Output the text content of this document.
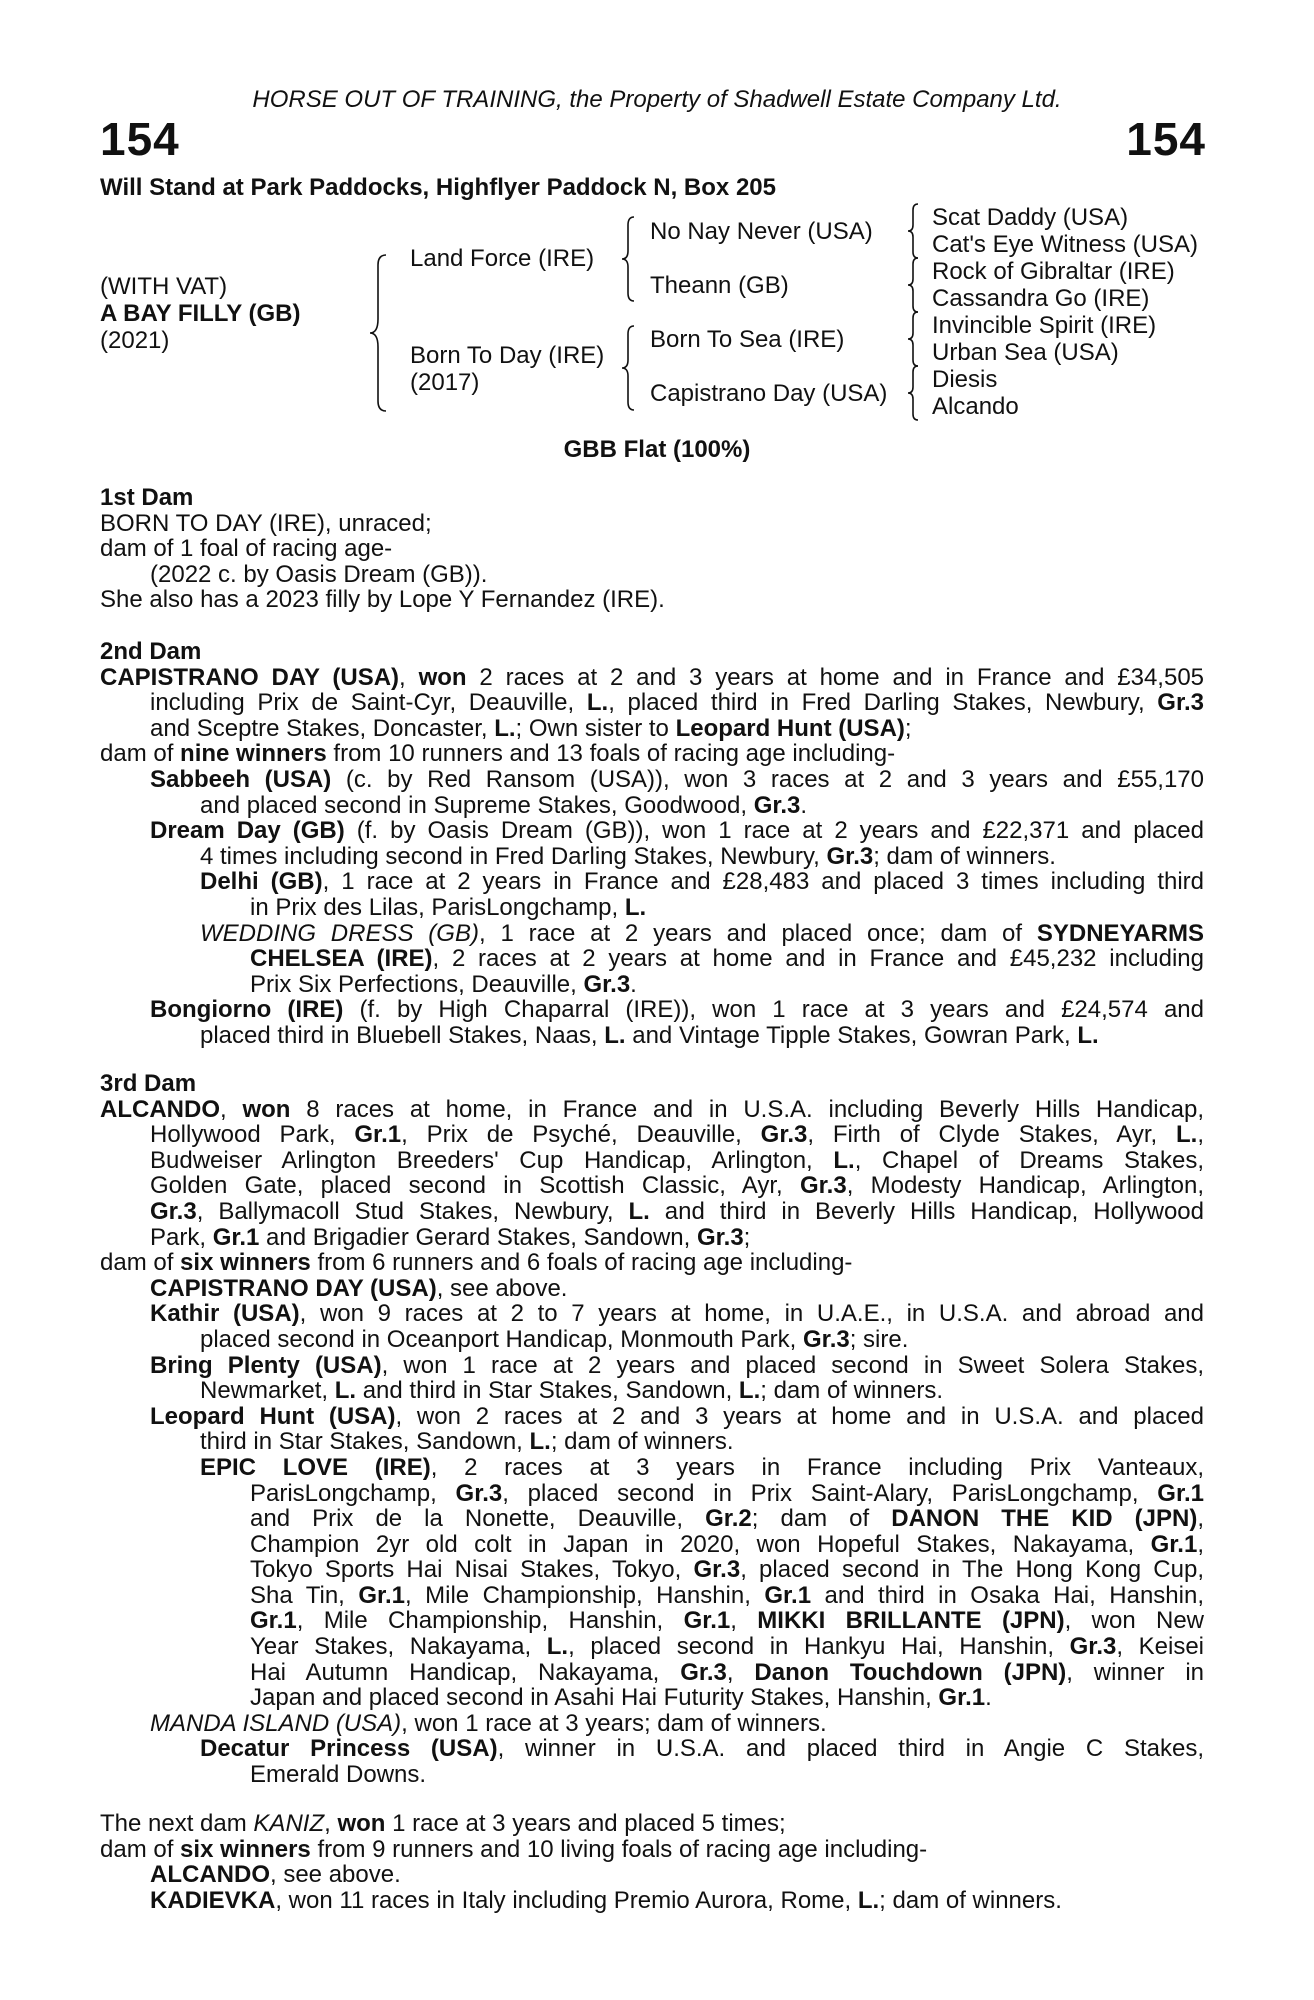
HORSE OUT OF TRAINING, the Property of Shadwell Estate Company Ltd.
154	154
Will Stand at Park Paddocks, Highflyer Paddock N, Box 205
(WITH VAT)
A BAY FILLY (GB)
(2021)
Land Force (IRE)
Born To Day (IRE)
(2017)
No Nay Never (USA)
Theann (GB)
Born To Sea (IRE)
Capistrano Day (USA)
Scat Daddy (USA)
Cat's Eye Witness (USA)
Rock of Gibraltar (IRE)
Cassandra Go (IRE)
Invincible Spirit (IRE)
Urban Sea (USA)
Diesis
Alcando
GBB Flat (100%)
1st Dam
BORN TO DAY (IRE), unraced;
dam of 1 foal of racing age-
(2022 c. by Oasis Dream (GB)).
She also has a 2023 filly by Lope Y Fernandez (IRE).
2nd Dam
CAPISTRANO DAY (USA), won 2 races at 2 and 3 years at home and in France and £34,505
including Prix de Saint-Cyr, Deauville, L., placed third in Fred Darling Stakes, Newbury, Gr.3
and Sceptre Stakes, Doncaster, L.; Own sister to Leopard Hunt (USA);
dam of nine winners from 10 runners and 13 foals of racing age including-
Sabbeeh (USA) (c. by Red Ransom (USA)), won 3 races at 2 and 3 years and £55,170
and placed second in Supreme Stakes, Goodwood, Gr.3.
Dream Day (GB) (f. by Oasis Dream (GB)), won 1 race at 2 years and £22,371 and placed
4 times including second in Fred Darling Stakes, Newbury, Gr.3; dam of winners.
Delhi (GB), 1 race at 2 years in France and £28,483 and placed 3 times including third
in Prix des Lilas, ParisLongchamp, L.
WEDDING DRESS (GB), 1 race at 2 years and placed once; dam of SYDNEYARMS
CHELSEA (IRE), 2 races at 2 years at home and in France and £45,232 including
Prix Six Perfections, Deauville, Gr.3.
Bongiorno (IRE) (f. by High Chaparral (IRE)), won 1 race at 3 years and £24,574 and
placed third in Bluebell Stakes, Naas, L. and Vintage Tipple Stakes, Gowran Park, L.
3rd Dam
ALCANDO, won 8 races at home, in France and in U.S.A. including Beverly Hills Handicap,
Hollywood Park, Gr.1, Prix de Psyché, Deauville, Gr.3, Firth of Clyde Stakes, Ayr, L.,
Budweiser Arlington Breeders' Cup Handicap, Arlington, L., Chapel of Dreams Stakes,
Golden Gate, placed second in Scottish Classic, Ayr, Gr.3, Modesty Handicap, Arlington,
Gr.3, Ballymacoll Stud Stakes, Newbury, L. and third in Beverly Hills Handicap, Hollywood
Park, Gr.1 and Brigadier Gerard Stakes, Sandown, Gr.3;
dam of six winners from 6 runners and 6 foals of racing age including-
CAPISTRANO DAY (USA), see above.
Kathir (USA), won 9 races at 2 to 7 years at home, in U.A.E., in U.S.A. and abroad and
placed second in Oceanport Handicap, Monmouth Park, Gr.3; sire.
Bring Plenty (USA), won 1 race at 2 years and placed second in Sweet Solera Stakes,
Newmarket, L. and third in Star Stakes, Sandown, L.; dam of winners.
Leopard Hunt (USA), won 2 races at 2 and 3 years at home and in U.S.A. and placed
third in Star Stakes, Sandown, L.; dam of winners.
EPIC LOVE (IRE), 2 races at 3 years in France including Prix Vanteaux,
ParisLongchamp, Gr.3, placed second in Prix Saint-Alary, ParisLongchamp, Gr.1
and Prix de la Nonette, Deauville, Gr.2; dam of DANON THE KID (JPN),
Champion 2yr old colt in Japan in 2020, won Hopeful Stakes, Nakayama, Gr.1,
Tokyo Sports Hai Nisai Stakes, Tokyo, Gr.3, placed second in The Hong Kong Cup,
Sha Tin, Gr.1, Mile Championship, Hanshin, Gr.1 and third in Osaka Hai, Hanshin,
Gr.1, Mile Championship, Hanshin, Gr.1, MIKKI BRILLANTE (JPN), won New
Year Stakes, Nakayama, L., placed second in Hankyu Hai, Hanshin, Gr.3, Keisei
Hai Autumn Handicap, Nakayama, Gr.3, Danon Touchdown (JPN), winner in
Japan and placed second in Asahi Hai Futurity Stakes, Hanshin, Gr.1.
MANDA ISLAND (USA), won 1 race at 3 years; dam of winners.
Decatur Princess (USA), winner in U.S.A. and placed third in Angie C Stakes,
Emerald Downs.
The next dam KANIZ, won 1 race at 3 years and placed 5 times;
dam of six winners from 9 runners and 10 living foals of racing age including-
ALCANDO, see above.
KADIEVKA, won 11 races in Italy including Premio Aurora, Rome, L.; dam of winners.
